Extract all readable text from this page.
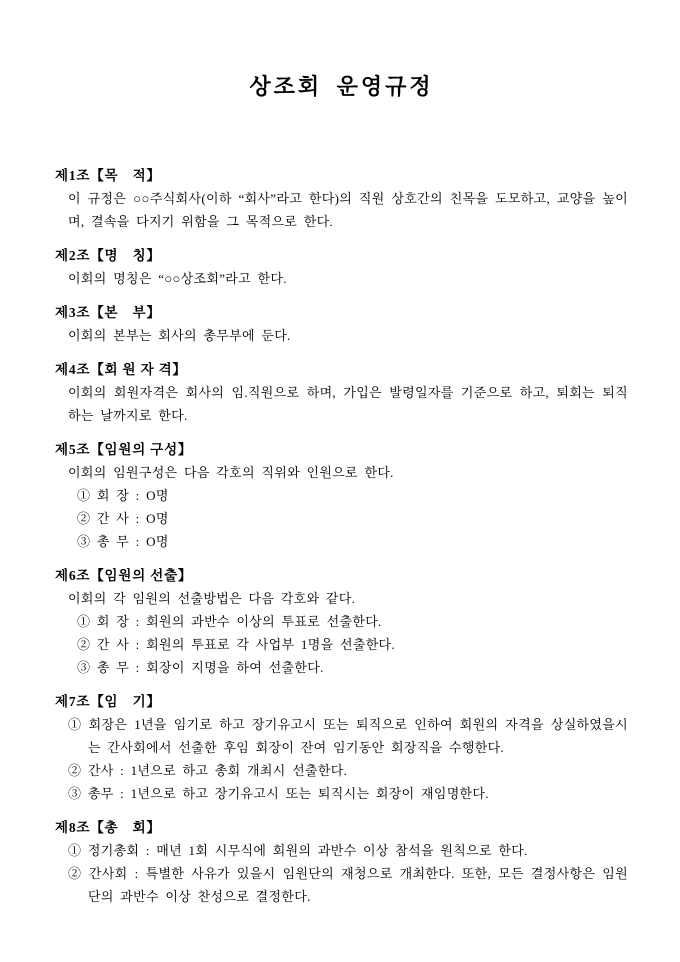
상조회 운영규정
제1조【목　적】

이 규정은 ○○주식회사(이하 “회사”라고 한다)의 직원 상호간의 친목을 도모하고, 교양을 높이며, 결속을 다지기 위함을 그 목적으로 한다.

제2조【명　칭】

이회의 명칭은 “○○상조회”라고 한다.

제3조【본　부】

이회의 본부는 회사의 총무부에 둔다.

제4조【회 원 자 격】

이회의 회원자격은 회사의 임.직원으로 하며, 가입은 발령일자를 기준으로 하고, 퇴회는 퇴직하는 날까지로 한다.

제5조【임원의 구성】

이회의 임원구성은 다음 각호의 직위와 인원으로 한다.

① 회 장 : O명

② 간 사 : O명

③ 총 무 : O명

제6조【임원의 선출】

이회의 각 임원의 선출방법은 다음 각호와 같다.

① 회 장 : 회원의 과반수 이상의 투표로 선출한다.

② 간 사 : 회원의 투표로 각 사업부 1명을 선출한다.

③ 총 무 : 회장이 지명을 하여 선출한다.

제7조【임　기】

① 회장은 1년을 임기로 하고 장기유고시 또는 퇴직으로 인하여 회원의 자격을 상실하였을시는 간사회에서 선출한 후임 회장이 잔여 임기동안 회장직을 수행한다.

② 간사 : 1년으로 하고 총회 개최시 선출한다.

③ 총무 : 1년으로 하고 장기유고시 또는 퇴직시는 회장이 재임명한다.

제8조【총　회】

① 정기총회 : 매년 1회 시무식에 회원의 과반수 이상 참석을 원칙으로 한다.

② 간사회 : 특별한 사유가 있을시 임원단의 재청으로 개최한다. 또한, 모든 결정사항은 임원단의 과반수 이상 찬성으로 결정한다.
